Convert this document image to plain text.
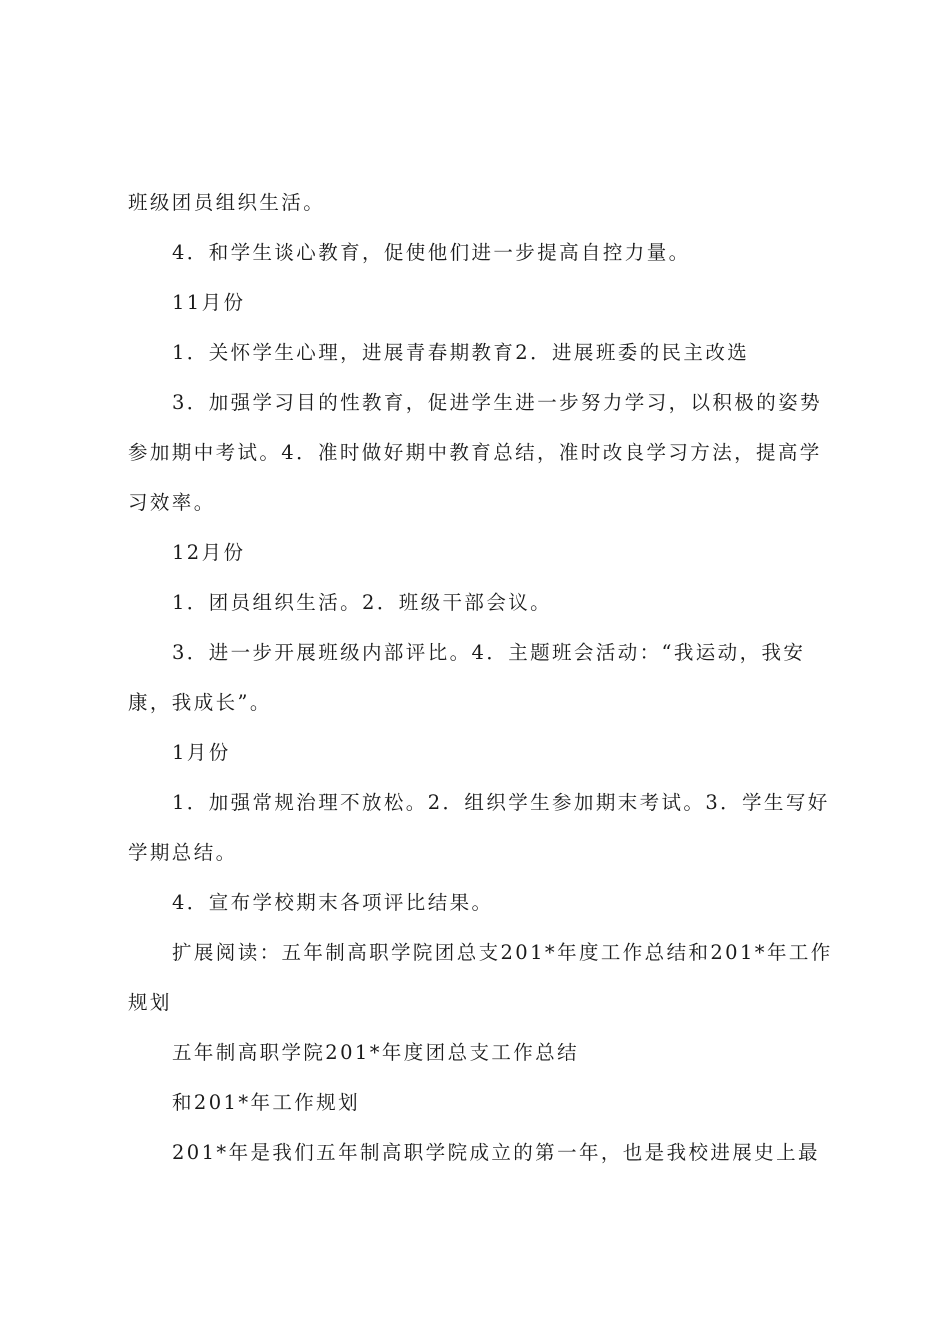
班级团员组织生活。

4．和学生谈心教育，促使他们进一步提高自控力量。

11月份

1．关怀学生心理，进展青春期教育2．进展班委的民主改选

3．加强学习目的性教育，促进学生进一步努力学习，以积极的姿势

参加期中考试。4．准时做好期中教育总结，准时改良学习方法，提高学

习效率。

12月份

1．团员组织生活。2．班级干部会议。

3．进一步开展班级内部评比。4．主题班会活动：“我运动，我安

康，我成长”。

1月份

1．加强常规治理不放松。2．组织学生参加期末考试。3．学生写好

学期总结。

4．宣布学校期末各项评比结果。

扩展阅读：五年制高职学院团总支201*年度工作总结和201*年工作

规划

五年制高职学院201*年度团总支工作总结

和201*年工作规划

201*年是我们五年制高职学院成立的第一年，也是我校进展史上最
